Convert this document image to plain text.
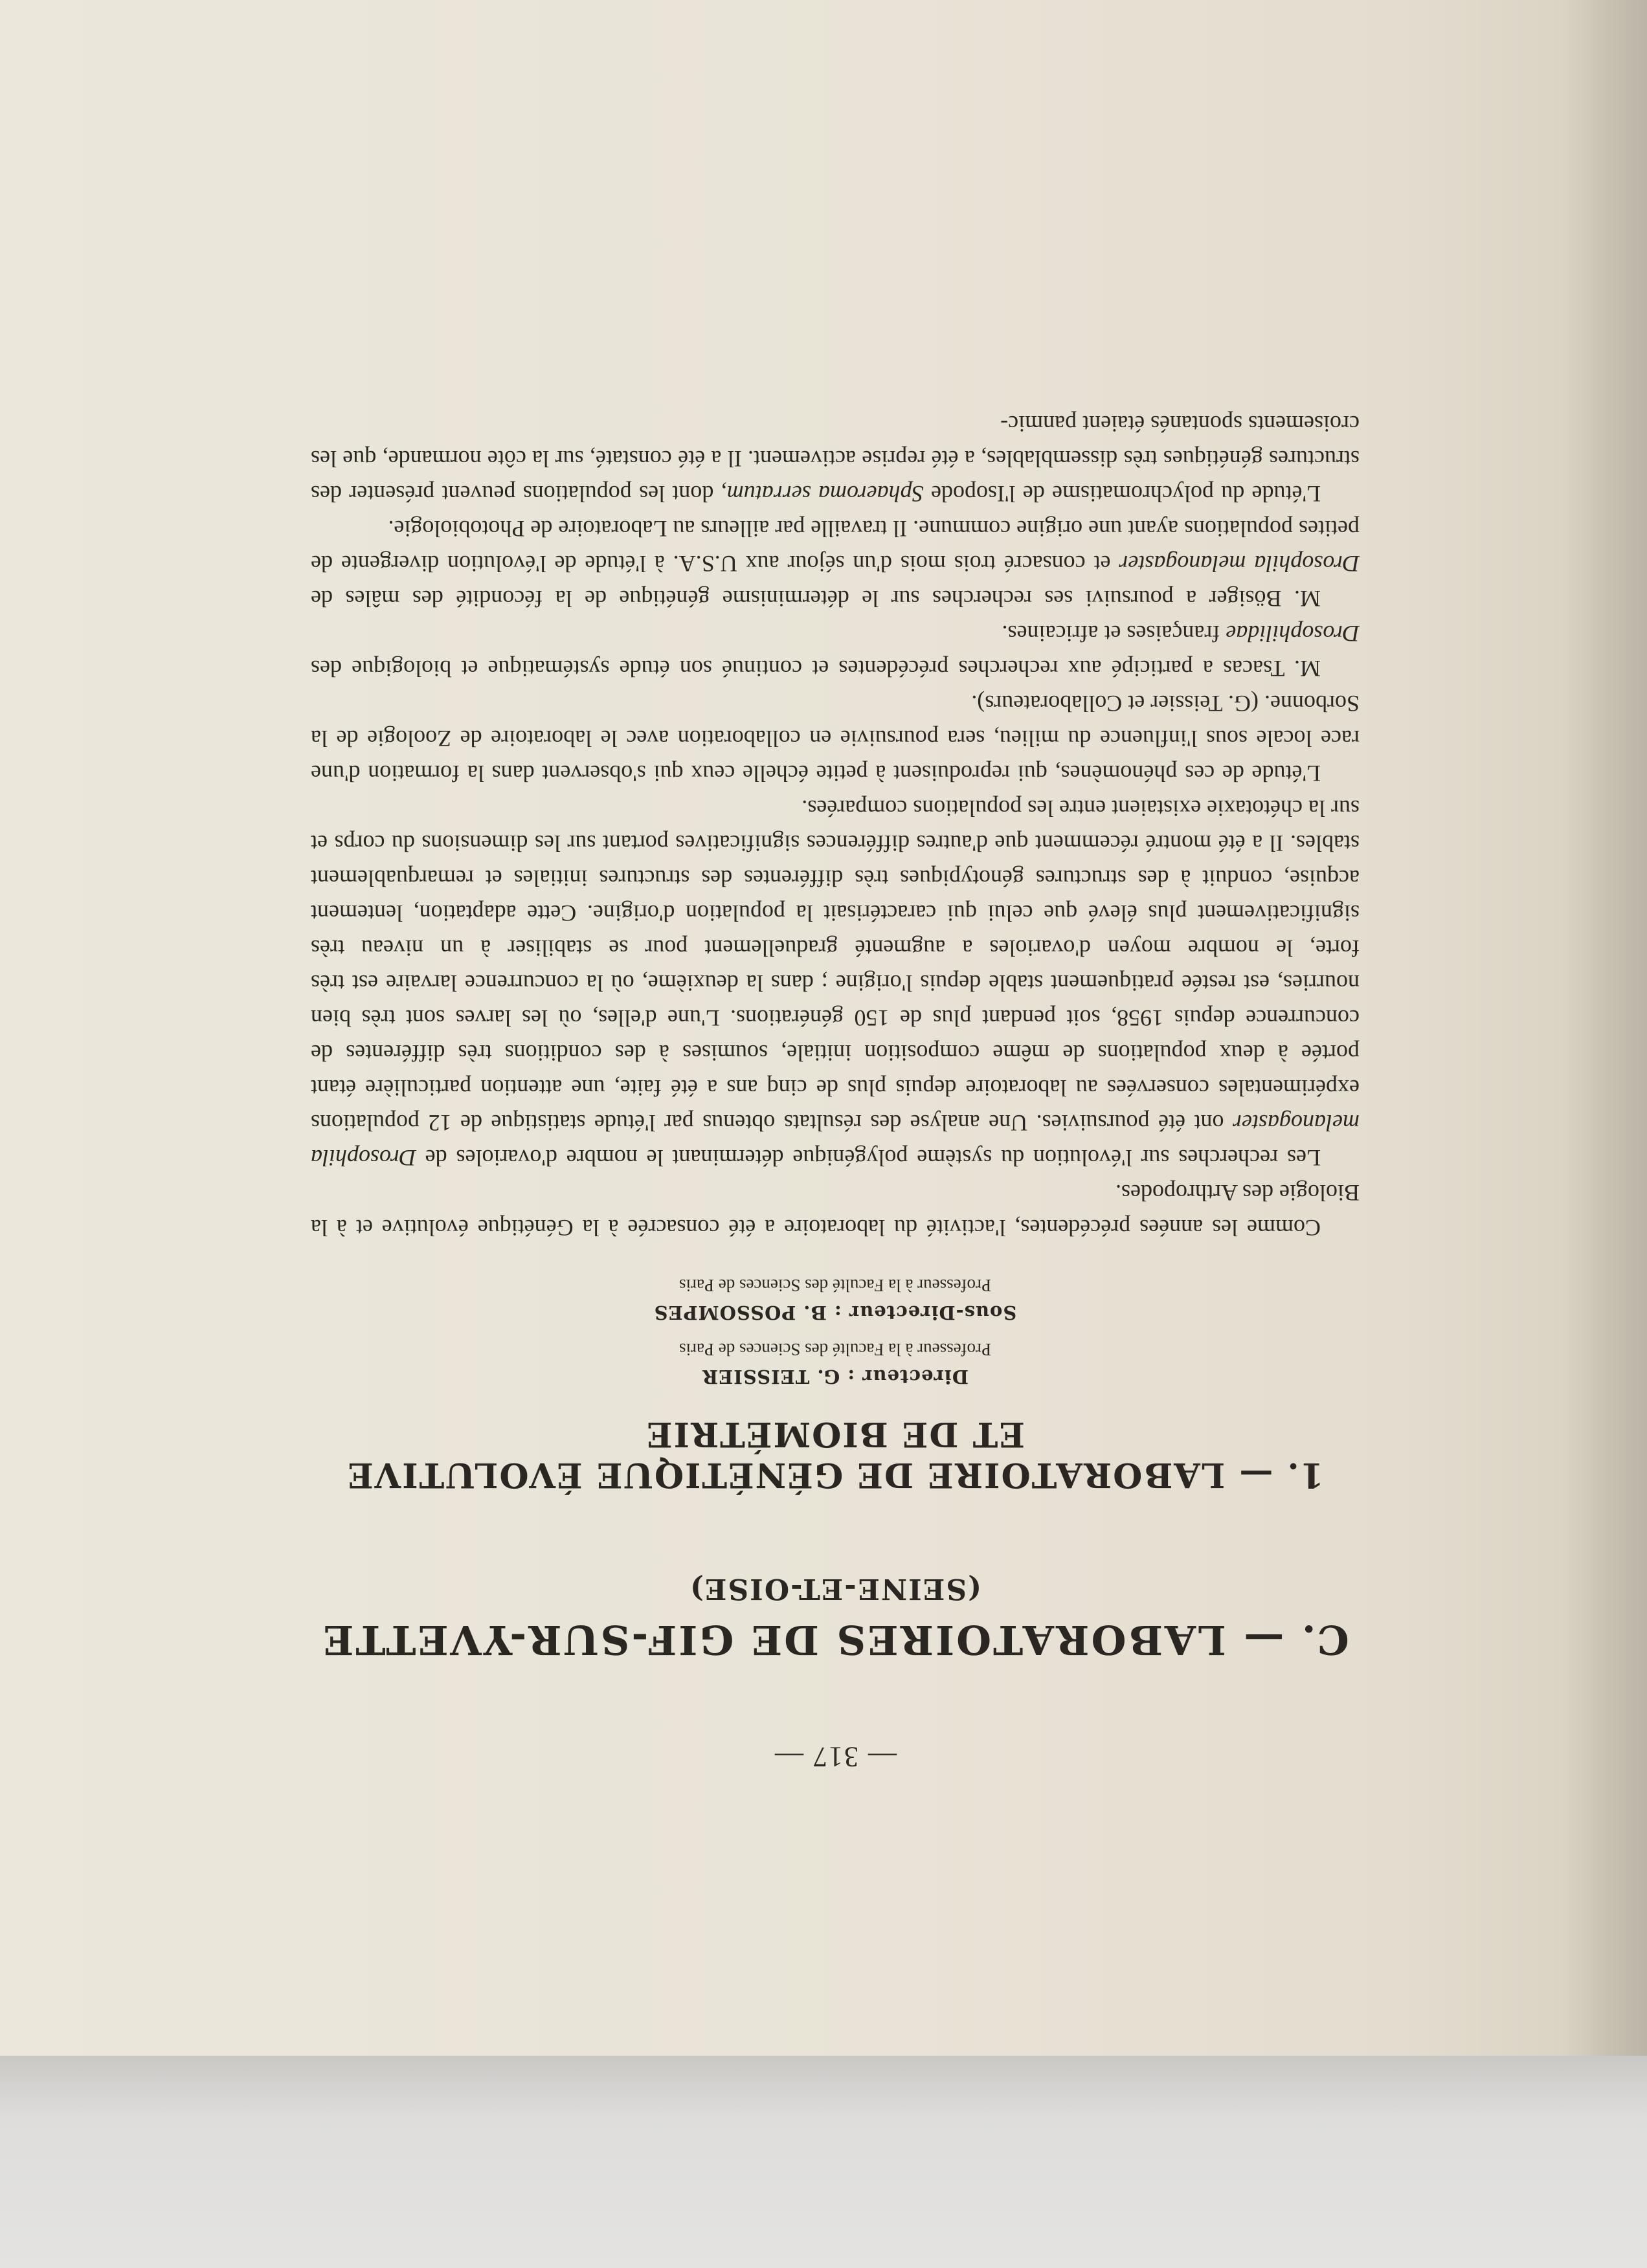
— 317 —
C. — LABORATOIRES DE GIF-SUR-YVETTE
(SEINE-ET-OISE)
1. — LABORATOIRE DE GÉNÉTIQUE ÉVOLUTIVE
ET DE BIOMÉTRIE
Directeur : G. TEISSIER
Professeur à la Faculté des Sciences de Paris
Sous-Directeur : B. POSSOMPES
Professeur à la Faculté des Sciences de Paris

Comme les années précédentes, l'activité du laboratoire a été consacrée à la Génétique évolutive et à la Biologie des Arthropodes.

Les recherches sur l'évolution du système polygénique déterminant le nombre d'ovarioles de Drosophila melanogaster ont été poursuivies. Une analyse des résultats obtenus par l'étude statistique de 12 populations expérimentales conservées au laboratoire depuis plus de cinq ans a été faite, une attention particulière étant portée à deux populations de même composition initiale, soumises à des conditions très différentes de concurrence depuis 1958, soit pendant plus de 150 générations. L'une d'elles, où les larves sont très bien nourries, est restée pratiquement stable depuis l'origine ; dans la deuxième, où la concurrence larvaire est très forte, le nombre moyen d'ovarioles a augmenté graduellement pour se stabiliser à un niveau très significativement plus élevé que celui qui caractérisait la population d'origine. Cette adaptation, lentement acquise, conduit à des structures génotypiques très différentes des structures initiales et remarquablement stables. Il a été montré récemment que d'autres différences significatives portant sur les dimensions du corps et sur la chétotaxie existaient entre les populations comparées.

L'étude de ces phénomènes, qui reproduisent à petite échelle ceux qui s'observent dans la formation d'une race locale sous l'influence du milieu, sera poursuivie en collaboration avec le laboratoire de Zoologie de la Sorbonne. (G. Teissier et Collaborateurs).

M. Tsacas a participé aux recherches précédentes et continué son étude systématique et biologique des Drosophilidae françaises et africaines.

M. Bösiger a poursuivi ses recherches sur le déterminisme génétique de la fécondité des mâles de Drosophila melanogaster et consacré trois mois d'un séjour aux U.S.A. à l'étude de l'évolution divergente de petites populations ayant une origine commune. Il travaille par ailleurs au Laboratoire de Photobiologie.

L'étude du polychromatisme de l'Isopode Sphaeroma serratum, dont les populations peuvent présenter des structures génétiques très dissemblables, a été reprise activement. Il a été constaté, sur la côte normande, que les croisements spontanés étaient panmic-
